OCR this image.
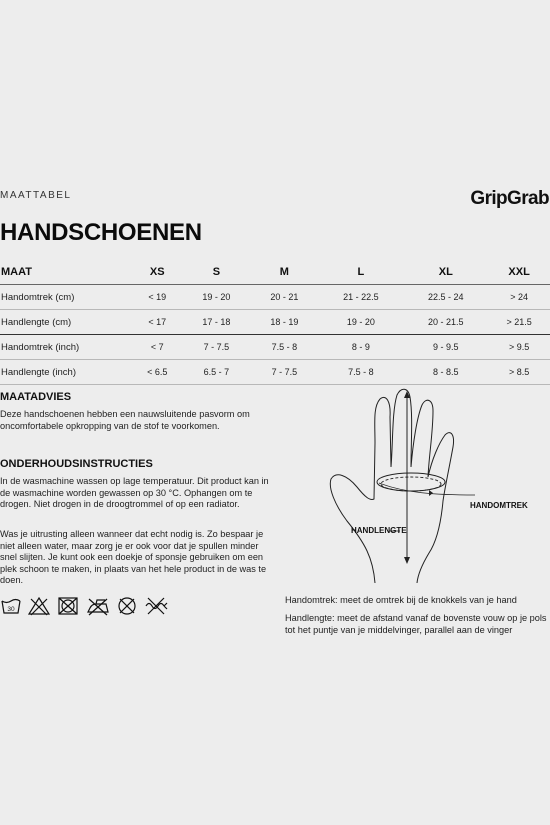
MAATTABEL	GripGrab
HANDSCHOENEN
MAAT	XS	S	M	L	XL	XXL
Handomtrek (cm)	< 19	19 - 20	20 - 21	21 - 22.5	22.5 - 24	> 24
Handlengte (cm)	< 17	17 - 18	18 - 19	19 - 20	20 - 21.5	> 21.5
Handomtrek (inch)	< 7	7 - 7.5	7.5 - 8	8 - 9	9 - 9.5	> 9.5
Handlengte (inch)	< 6.5	6.5 - 7	7 - 7.5	7.5 - 8	8 - 8.5	> 8.5
MAATADVIES

Deze handschoenen hebben een nauwsluitende pasvorm om oncomfortabele opkropping van de stof te voorkomen.

ONDERHOUDSINSTRUCTIES

In de wasmachine wassen op lage temperatuur. Dit product kan in de wasmachine worden gewassen op 30 °C. Ophangen om te drogen. Niet drogen in de droogtrommel of op een radiator.

Was je uitrusting alleen wanneer dat echt nodig is. Zo bespaar je niet alleen water, maar zorg je er ook voor dat je spullen minder snel slijten. Je kunt ook een doekje of sponsje gebruiken om een plek schoon te maken, in plaats van het hele product in de was te doen.

30
HANDOMTREK
HANDLENGTE

Handomtrek: meet de omtrek bij de knokkels van je hand

Handlengte: meet de afstand vanaf de bovenste vouw op je pols tot het puntje van je middelvinger, parallel aan de vinger
